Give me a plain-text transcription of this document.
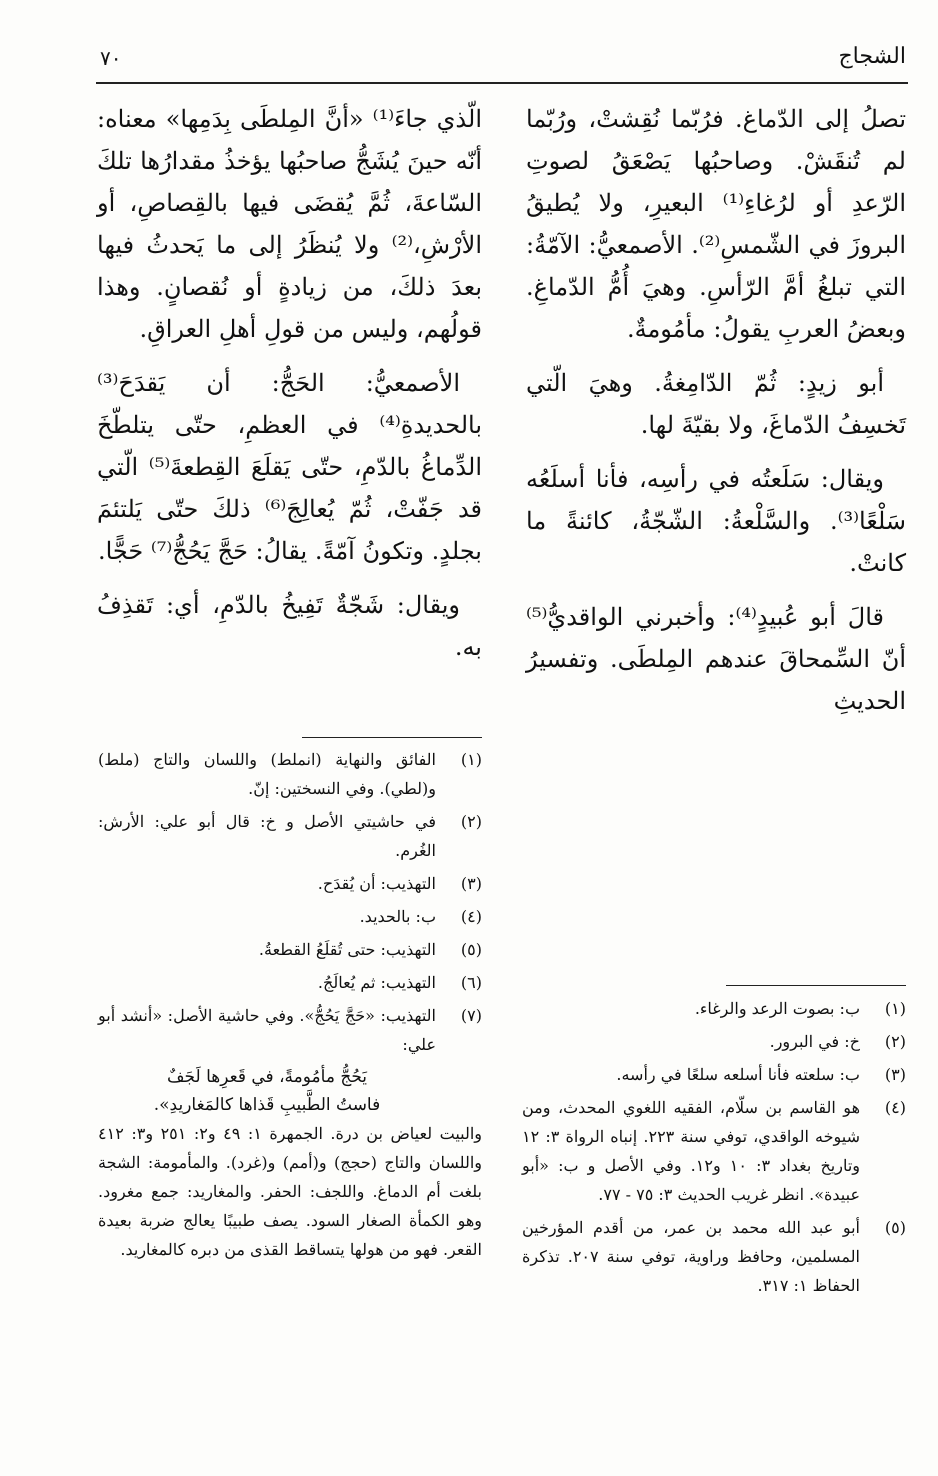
الشجاج
٧٠

تصلُ إلى الدّماغ. فرُبّما نُقِشتْ، ورُبّما لم تُنقَشْ. وصاحبُها يَصْعَقُ لصوتِ الرّعدِ أو لرُغاءِ⁽¹⁾ البعيرِ، ولا يُطيقُ البروزَ في الشّمسِ⁽²⁾. الأصمعيُّ: الآمّةُ: التي تبلغُ أمَّ الرّأسِ. وهيَ أُمُّ الدّماغِ. وبعضُ العربِ يقولُ: مأمُومةٌ.

أبو زيدٍ: ثُمّ الدّامِغةُ. وهيَ الّتي تَخسِفُ الدّماغَ، ولا بقيّةَ لها.

ويقال: سَلَعتُه في رأسِه، فأنا أسلَعُه سَلْعًا⁽³⁾. والسَّلْعةُ: الشّجّةُ، كائنةً ما كانتْ.

قالَ أبو عُبيدٍ⁽⁴⁾: وأخبرني الواقديُّ⁽⁵⁾ أنّ السِّمحاقَ عندهم المِلطَى. وتفسيرُ الحديثِ

الّذي جاءَ⁽¹⁾ «أنَّ المِلطَى بِدَمِها» معناه: أنّه حينَ يُشَجُّ صاحبُها يؤخذُ مقدارُها تلكَ السّاعةَ، ثُمَّ يُقضَى فيها بالقِصاصِ، أو الأرْشِ،⁽²⁾ ولا يُنظَرُ إلى ما يَحدثُ فيها بعدَ ذلكَ، من زيادةٍ أو نُقصانٍ. وهذا قولُهم، وليس من قولِ أهلِ العراقِ.

الأصمعيُّ: الحَجُّ: أن يَقدَحَ⁽³⁾ بالحديدةِ⁽⁴⁾ في العظمِ، حتّى يتلطّخَ الدِّماغُ بالدّمِ، حتّى يَقلَعَ القِطعةَ⁽⁵⁾ الّتي قد جَفّتْ، ثُمّ يُعالِجَ⁽⁶⁾ ذلكَ حتّى يَلتئمَ بجلدٍ. وتكونُ آمّةً. يقالُ: حَجَّ يَحُجُّ⁽⁷⁾ حَجًّا.

ويقال: شَجّةٌ تَفِيخُ بالدّمِ، أي: تَقذِفُ به.

(١)
الفائق والنهاية (انملط) واللسان والتاج (ملط) و(لطي). وفي النسختين: إنّ.
(٢)
في حاشيتي الأصل و خ: قال أبو علي: الأرش: الغُرم.
(٣)
التهذيب: أن يُقدَح.
(٤)
ب: بالحديد.
(٥)
التهذيب: حتى تُقلَعُ القطعةُ.
(٦)
التهذيب: ثم يُعالَجُ.
(٧)
التهذيب: «حَجَّ يَحُجُّ». وفي حاشية الأصل: «أنشد أبو علي:
يَحُجُّ مأمُومةً، في قَعرِها لَجَفٌ
فاستُ الطَّبيبِ قَذاها كالمَغاريدِ».

والبيت لعياض بن درة. الجمهرة ١: ٤٩ و٢: ٢٥١ و٣: ٤١٢ واللسان والتاج (حجج) و(أمم) و(غرد). والمأمومة: الشجة بلغت أم الدماغ. واللجف: الحفر. والمغاريد: جمع مغرود. وهو الكمأة الصغار السود. يصف طبيبًا يعالج ضربة بعيدة القعر. فهو من هولها يتساقط القذى من دبره كالمغاريد.

(١)
ب: بصوت الرعد والرغاء.
(٢)
خ: في البرور.
(٣)
ب: سلعته فأنا أسلعه سلعًا في رأسه.
(٤)
هو القاسم بن سلّام، الفقيه اللغوي المحدث، ومن شيوخه الواقدي، توفي سنة ٢٢٣. إنباه الرواة ٣: ١٢ وتاريخ بغداد ٣: ١٠ و١٢. وفي الأصل و ب: «أبو عبيدة». انظر غريب الحديث ٣: ٧٥ - ٧٧.
(٥)
أبو عبد الله محمد بن عمر، من أقدم المؤرخين المسلمين، وحافظ وراوية، توفي سنة ٢٠٧. تذكرة الحفاظ ١: ٣١٧.
